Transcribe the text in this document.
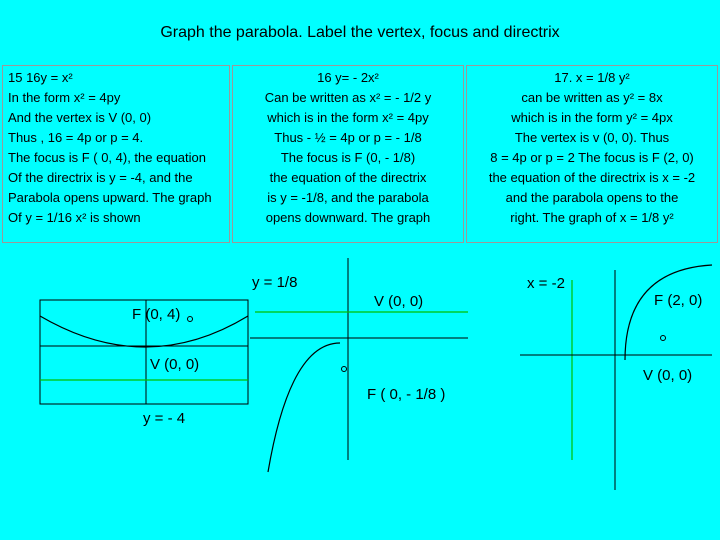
Graph the parabola. Label the vertex, focus and directrix
15 16y = x²
In the form x² = 4py
And the vertex is V (0, 0)
Thus , 16 = 4p or p = 4.
The focus is F ( 0, 4), the equation
Of the directrix is y = -4, and the
Parabola opens upward. The graph
Of y = 1/16 x² is shown
16 y= - 2x²
Can be written as x² = - 1/2 y
which is in the form x² = 4py
Thus - ½ = 4p or p = - 1/8
The focus is F (0, - 1/8)
the equation of the directrix
is y = -1/8, and the parabola
opens downward. The graph
17. x = 1/8 y²
can be written as y² = 8x
which is in the form y² = 4px
The vertex is v (0, 0). Thus
8 = 4p or p = 2 The focus is F (2, 0)
the equation of the directrix is x = -2
and the parabola opens to the
right. The graph of x = 1/8 y²
F (0, 4)
V (0, 0)
y = - 4
y = 1/8
V (0, 0)
F ( 0, - 1/8 )
x = -2
F (2, 0)
V (0, 0)
